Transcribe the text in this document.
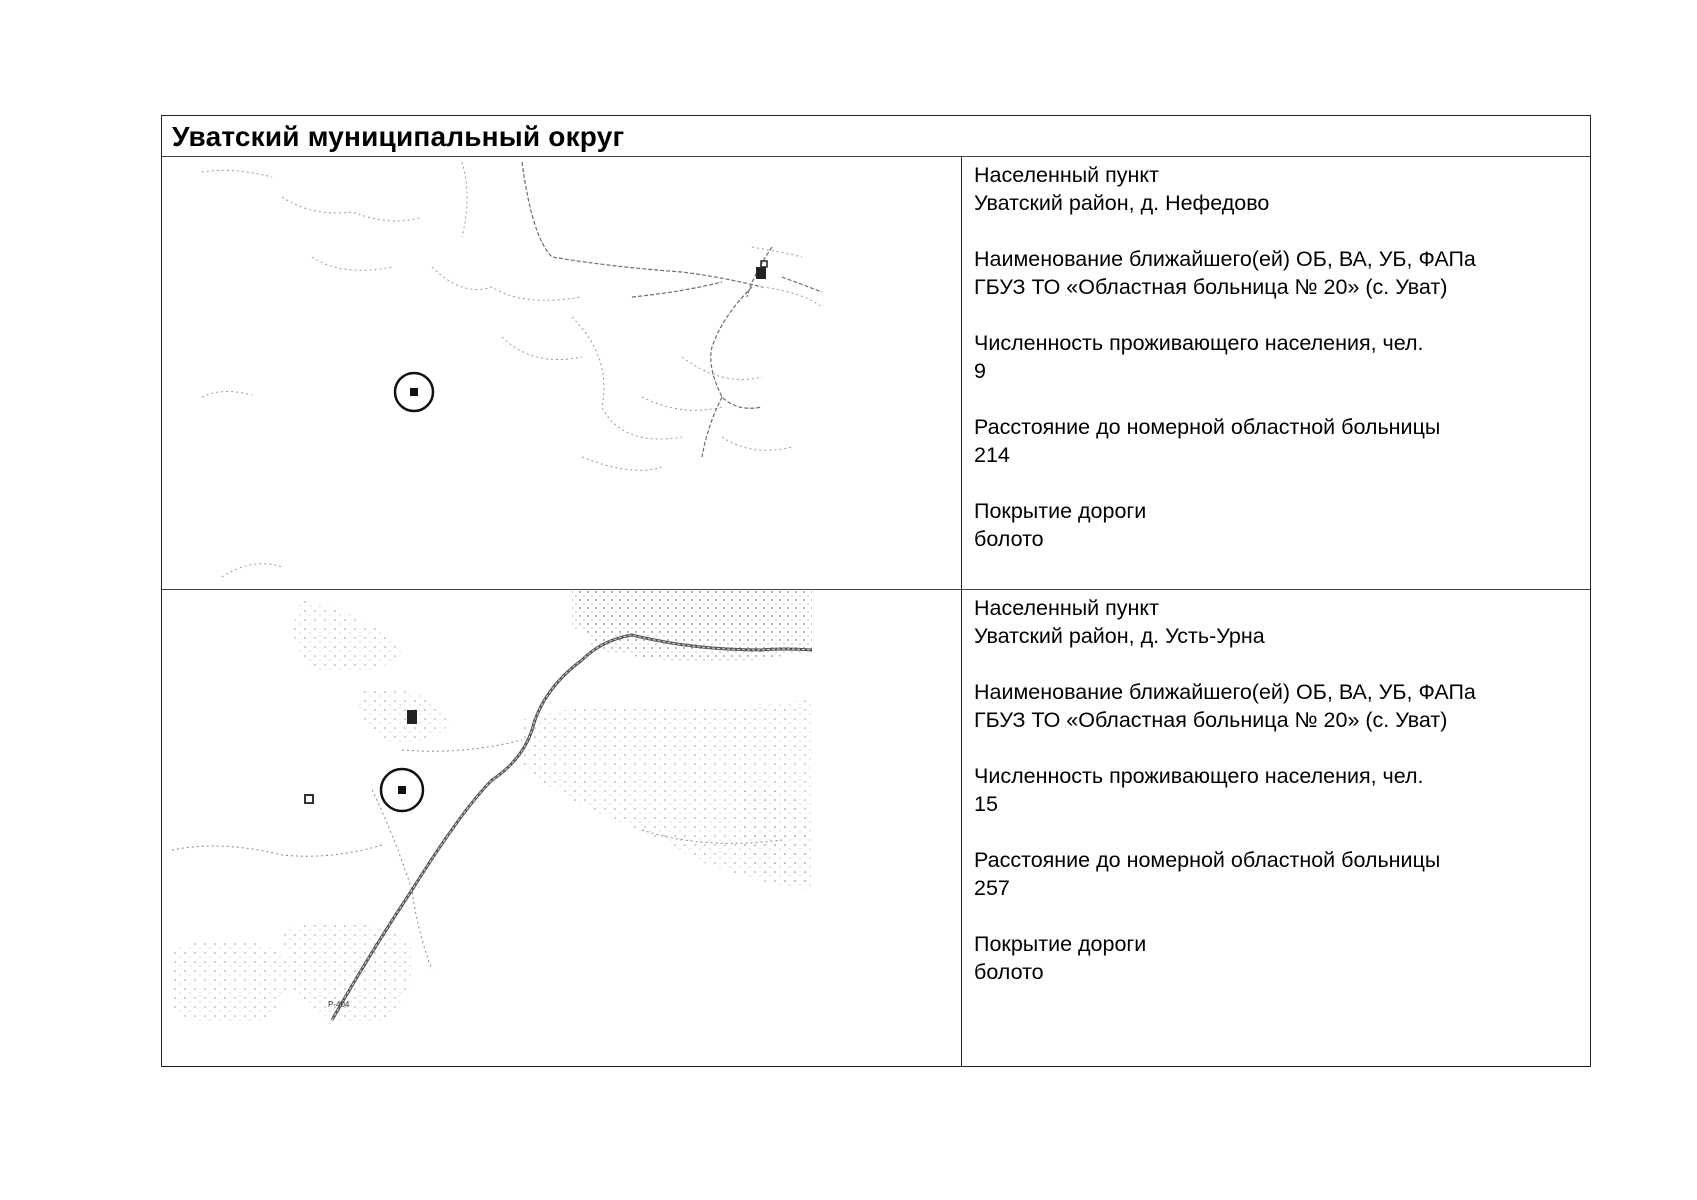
Уватский муниципальный округ
Населенный пункт
Уватский район, д. Нефедово
Наименование ближайшего(ей) ОБ, ВА, УБ, ФАПа
ГБУЗ ТО «Областная больница № 20» (с. Уват)
Численность проживающего населения, чел.
9
Расстояние до номерной областной больницы
214
Покрытие дороги
болото
Р-404
Населенный пункт
Уватский район, д. Усть-Урна
Наименование ближайшего(ей) ОБ, ВА, УБ, ФАПа
ГБУЗ ТО «Областная больница № 20» (с. Уват)
Численность проживающего населения, чел.
15
Расстояние до номерной областной больницы
257
Покрытие дороги
болото
